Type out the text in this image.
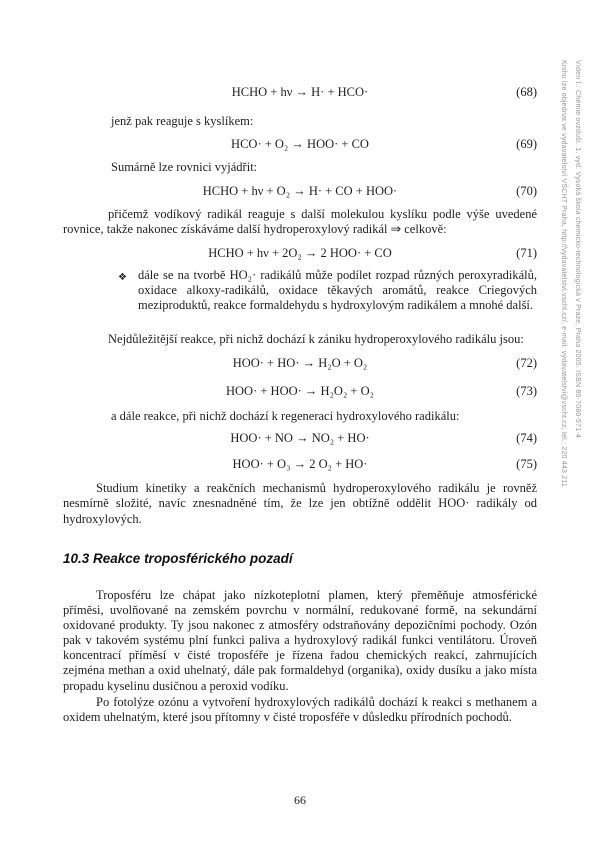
HCHO + hν → H· + HCO·	(68)
jenž pak reaguje s kyslíkem:
HCO· + O₂ → HOO· + CO	(69)
Sumárně lze rovnici vyjádřit:
HCHO + hν + O₂ → H· + CO + HOO·	(70)
přičemž vodíkový radikál reaguje s další molekulou kyslíku podle výše uvedené rovnice, takže nakonec získáváme další hydroperoxylový radikál ⇒ celkově:
HCHO + hν + 2O₂ → 2 HOO· + CO	(71)
❖ dále se na tvorbě HO₂· radikálů může podílet rozpad různých peroxyradikálů, oxidace alkoxy-radikálů, oxidace těkavých aromátů, reakce Criegových meziproduktů, reakce formaldehydu s hydroxylovým radikálem a mnohé další.
Nejdůležitější reakce, při nichž dochází k zániku hydroperoxylového radikálu jsou:
HOO· + HO· → H₂O + O₂	(72)
HOO· + HOO· → H₂O₂ + O₂	(73)
a dále reakce, při nichž dochází k regeneraci hydroxylového radikálu:
HOO· + NO → NO₂ + HO·	(74)
HOO· + O₃ → 2 O₂ + HO·	(75)
Studium kinetiky a reakčních mechanismů hydroperoxylového radikálu je rovněž nesmírně složité, navíc znesnadněné tím, že lze jen obtížně oddělit HOO· radikály od hydroxylových.
10.3 Reakce troposférického pozadí
Troposféru lze chápat jako nízkoteplotní plamen, který přeměňuje atmosférické příměsi, uvolňované na zemském povrchu v normální, redukované formě, na sekundární oxidované produkty. Ty jsou nakonec z atmosféry odstraňovány depozičními pochody. Ozón pak v takovém systému plní funkci paliva a hydroxylový radikál funkci ventilátoru. Úroveň koncentrací příměsí v čisté troposféře je řízena řadou chemických reakcí, zahrnujících zejména methan a oxid uhelnatý, dále pak formaldehyd (organika), oxidy dusíku a jako místa propadu kyselinu dusičnou a peroxid vodíku.
Po fotolýze ozónu a vytvoření hydroxylových radikálů dochází k reakci s methanem a oxidem uhelnatým, které jsou přítomny v čisté troposféře v důsledku přírodních pochodů.
Víden I.: Chemie ovzduší. 1. vyd. Vysoká škola chemicko-technologická v Praze, Praha 2005. ISBN 80-7080-571-4
Knihu lze objednat ve vydavatelství VŠCHT Praha, http://vydavatelstvi.vscht.cz/, e-mail: vydavatelstvi@vscht.cz, tel.: 220 443 211
66
